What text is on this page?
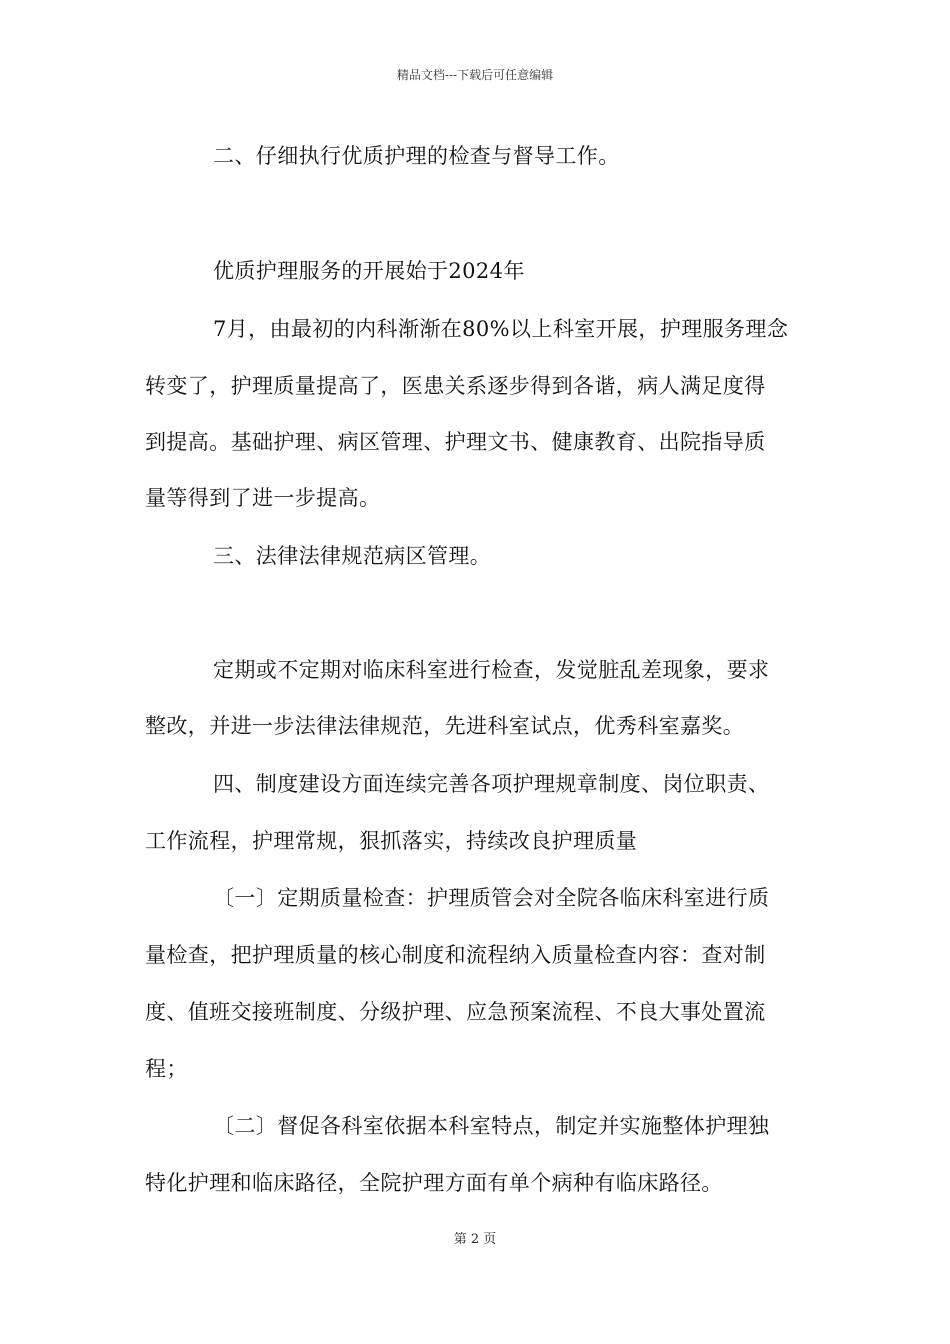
精品文档---下载后可任意编辑
二、仔细执行优质护理的检查与督导工作。
优质护理服务的开展始于2024年
7月，由最初的内科渐渐在80%以上科室开展，护理服务理念
转变了，护理质量提高了，医患关系逐步得到各谐，病人满足度得
到提高。基础护理、病区管理、护理文书、健康教育、出院指导质
量等得到了进一步提高。
三、法律法律规范病区管理。
定期或不定期对临床科室进行检查，发觉脏乱差现象，要求
整改，并进一步法律法律规范，先进科室试点，优秀科室嘉奖。
四、制度建设方面连续完善各项护理规章制度、岗位职责、
工作流程，护理常规，狠抓落实，持续改良护理质量
〔一〕定期质量检查：护理质管会对全院各临床科室进行质
量检查，把护理质量的核心制度和流程纳入质量检查内容：查对制
度、值班交接班制度、分级护理、应急预案流程、不良大事处置流
程；
〔二〕督促各科室依据本科室特点，制定并实施整体护理独
特化护理和临床路径，全院护理方面有单个病种有临床路径。
第 2 页
